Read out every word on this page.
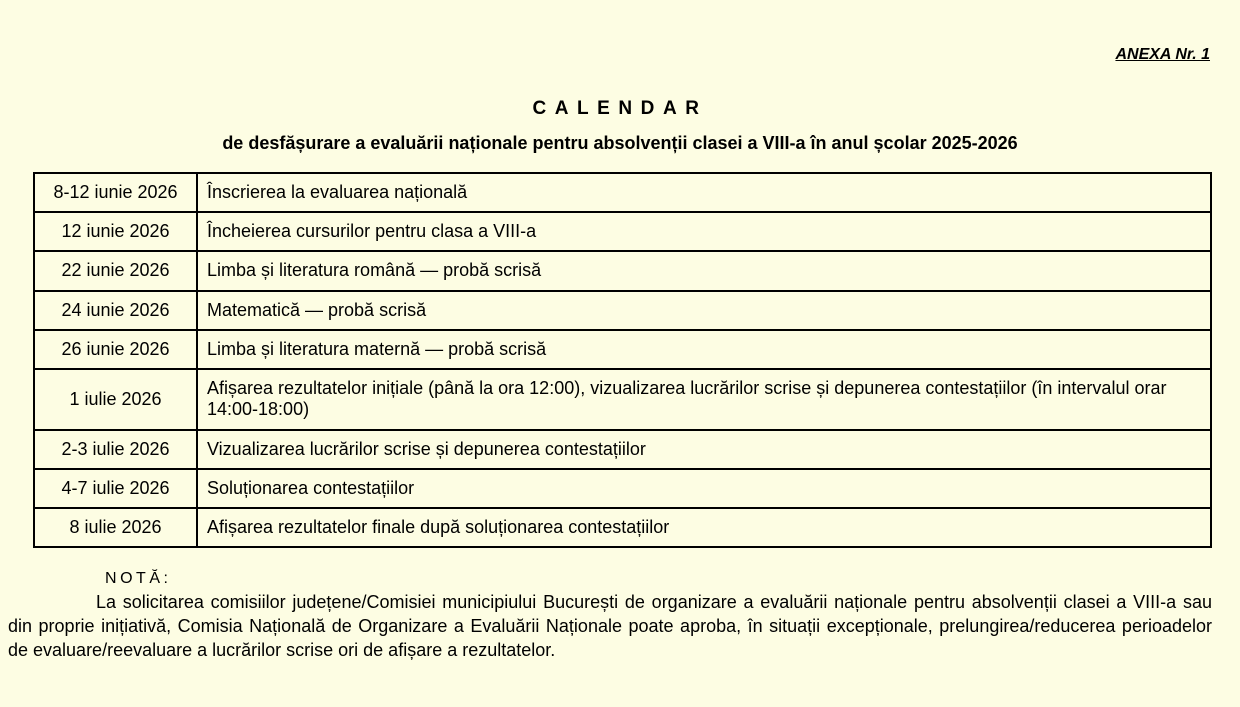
ANEXA Nr. 1
CALENDAR
de desfășurare a evaluării naționale pentru absolvenții clasei a VIII-a în anul școlar 2025-2026
8-12 iunie 2026	Înscrierea la evaluarea națională
12 iunie 2026	Încheierea cursurilor pentru clasa a VIII-a
22 iunie 2026	Limba și literatura română — probă scrisă
24 iunie 2026	Matematică — probă scrisă
26 iunie 2026	Limba și literatura maternă — probă scrisă
1 iulie 2026	Afișarea rezultatelor inițiale (până la ora 12:00), vizualizarea lucrărilor scrise și depunerea contestațiilor (în intervalul orar 14:00-18:00)
2-3 iulie 2026	Vizualizarea lucrărilor scrise și depunerea contestațiilor
4-7 iulie 2026	Soluționarea contestațiilor
8 iulie 2026	Afișarea rezultatelor finale după soluționarea contestațiilor
NOTĂ:
La solicitarea comisiilor județene/Comisiei municipiului București de organizare a evaluării naționale pentru absolvenții clasei a VIII-a sau din proprie inițiativă, Comisia Națională de Organizare a Evaluării Naționale poate aproba, în situații excepționale, prelungirea/reducerea perioadelor de evaluare/reevaluare a lucrărilor scrise ori de afișare a rezultatelor.
